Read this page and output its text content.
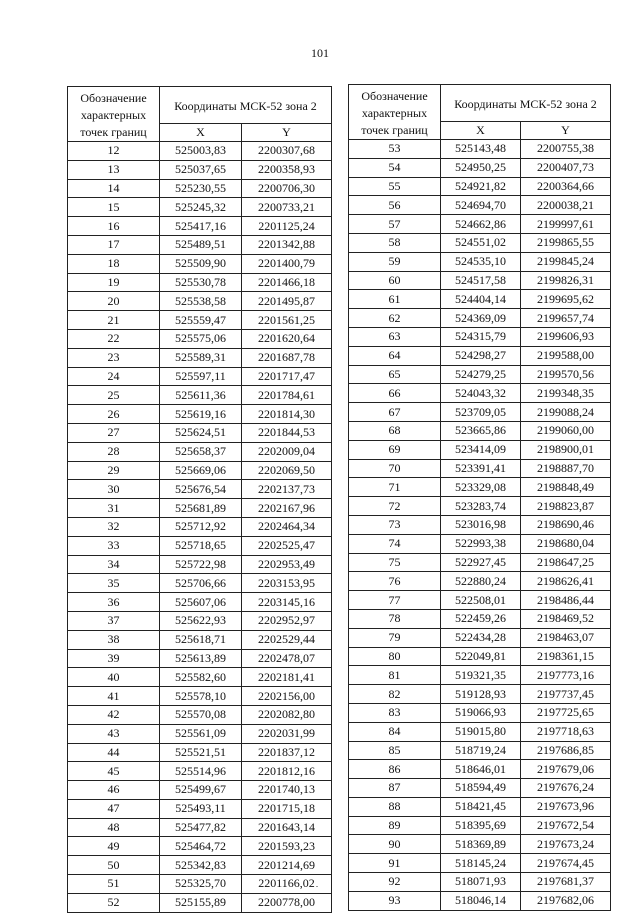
101
Обозначение характерных точек границ	Координаты МСК-52 зона 2	
	X	Y
12	525003,83	2200307,68
13	525037,65	2200358,93
14	525230,55	2200706,30
15	525245,32	2200733,21
16	525417,16	2201125,24
17	525489,51	2201342,88
18	525509,90	2201400,79
19	525530,78	2201466,18
20	525538,58	2201495,87
21	525559,47	2201561,25
22	525575,06	2201620,64
23	525589,31	2201687,78
24	525597,11	2201717,47
25	525611,36	2201784,61
26	525619,16	2201814,30
27	525624,51	2201844,53
28	525658,37	2202009,04
29	525669,06	2202069,50
30	525676,54	2202137,73
31	525681,89	2202167,96
32	525712,92	2202464,34
33	525718,65	2202525,47
34	525722,98	2202953,49
35	525706,66	2203153,95
36	525607,06	2203145,16
37	525622,93	2202952,97
38	525618,71	2202529,44
39	525613,89	2202478,07
40	525582,60	2202181,41
41	525578,10	2202156,00
42	525570,08	2202082,80
43	525561,09	2202031,99
44	525521,51	2201837,12
45	525514,96	2201812,16
46	525499,67	2201740,13
47	525493,11	2201715,18
48	525477,82	2201643,14
49	525464,72	2201593,23
50	525342,83	2201214,69
51	525325,70	2201166,02
52	525155,89	2200778,00
Обозначение характерных точек границ	Координаты МСК-52 зона 2	
	X	Y
53	525143,48	2200755,38
54	524950,25	2200407,73
55	524921,82	2200364,66
56	524694,70	2200038,21
57	524662,86	2199997,61
58	524551,02	2199865,55
59	524535,10	2199845,24
60	524517,58	2199826,31
61	524404,14	2199695,62
62	524369,09	2199657,74
63	524315,79	2199606,93
64	524298,27	2199588,00
65	524279,25	2199570,56
66	524043,32	2199348,35
67	523709,05	2199088,24
68	523665,86	2199060,00
69	523414,09	2198900,01
70	523391,41	2198887,70
71	523329,08	2198848,49
72	523283,74	2198823,87
73	523016,98	2198690,46
74	522993,38	2198680,04
75	522927,45	2198647,25
76	522880,24	2198626,41
77	522508,01	2198486,44
78	522459,26	2198469,52
79	522434,28	2198463,07
80	522049,81	2198361,15
81	519321,35	2197773,16
82	519128,93	2197737,45
83	519066,93	2197725,65
84	519015,80	2197718,63
85	518719,24	2197686,85
86	518646,01	2197679,06
87	518594,49	2197676,24
88	518421,45	2197673,96
89	518395,69	2197672,54
90	518369,89	2197673,24
91	518145,24	2197674,45
92	518071,93	2197681,37
93	518046,14	2197682,06
